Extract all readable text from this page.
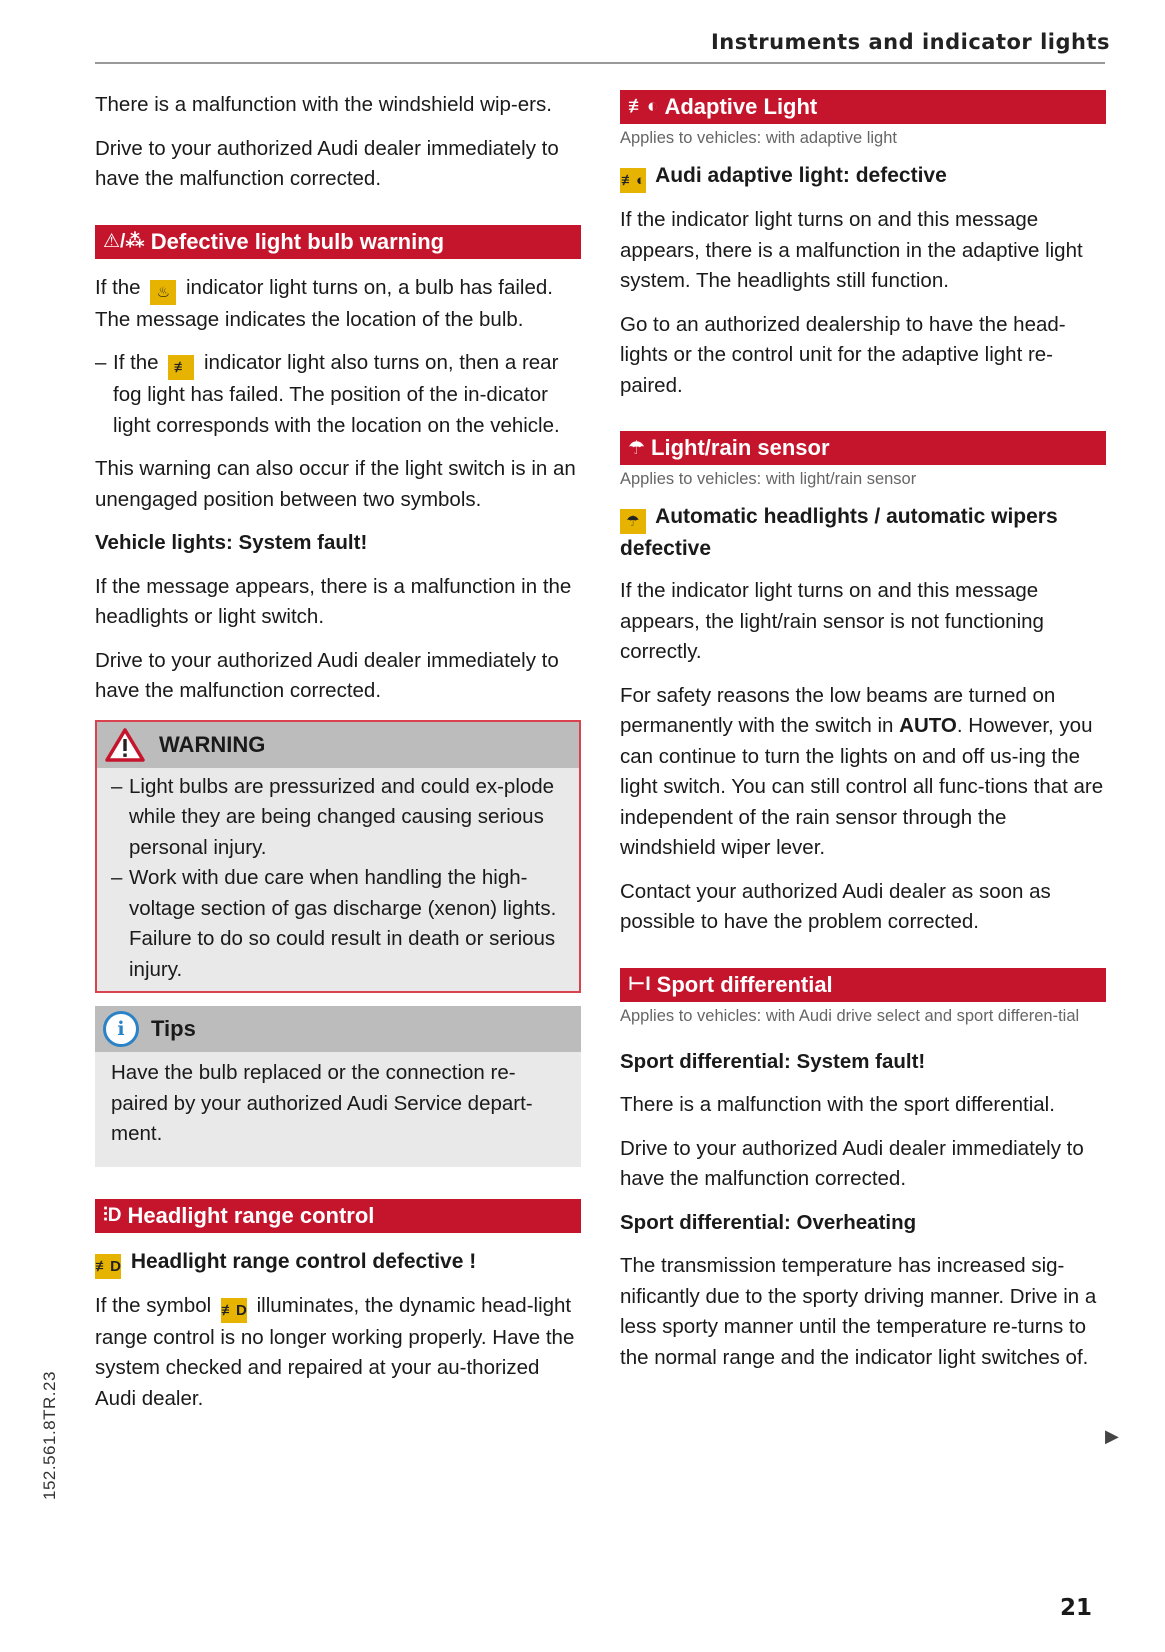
Instruments and indicator lights

There is a malfunction with the windshield wip-ers.

Drive to your authorized Audi dealer immediately to have the malfunction corrected.

⚠/⁂ Defective light bulb warning

If the ♨ indicator light turns on, a bulb has failed. The message indicates the location of the bulb.

– If the ≢ indicator light also turns on, then a rear fog light has failed. The position of the in-dicator light corresponds with the location on the vehicle.

This warning can also occur if the light switch is in an unengaged position between two symbols.

Vehicle lights: System fault!

If the message appears, there is a malfunction in the headlights or light switch.

Drive to your authorized Audi dealer immediately to have the malfunction corrected.

WARNING

– Light bulbs are pressurized and could ex-plode while they are being changed causing serious personal injury.

– Work with due care when handling the high-voltage section of gas discharge (xenon) lights. Failure to do so could result in death or serious injury.

i	Tips

Have the bulb replaced or the connection re-paired by your authorized Audi Service depart-ment.

⫶D Headlight range control

≢D Headlight range control defective !

If the symbol ≢D illuminates, the dynamic head-light range control is no longer working properly. Have the system checked and repaired at your au-thorized Audi dealer.

≢◐ Adaptive Light

Applies to vehicles: with adaptive light

≢◐ Audi adaptive light: defective

If the indicator light turns on and this message appears, there is a malfunction in the adaptive light system. The headlights still function.

Go to an authorized dealership to have the head-lights or the control unit for the adaptive light re-paired.

☂ Light/rain sensor

Applies to vehicles: with light/rain sensor

☂ Automatic headlights / automatic wipers defective

If the indicator light turns on and this message appears, the light/rain sensor is not functioning correctly.

For safety reasons the low beams are turned on permanently with the switch in AUTO. However, you can continue to turn the lights on and off us-ing the light switch. You can still control all func-tions that are independent of the rain sensor through the windshield wiper lever.

Contact your authorized Audi dealer as soon as possible to have the problem corrected.

⊢I Sport differential

Applies to vehicles: with Audi drive select and sport differen-tial

Sport differential: System fault!

There is a malfunction with the sport differential.

Drive to your authorized Audi dealer immediately to have the malfunction corrected.

Sport differential: Overheating

The transmission temperature has increased sig-nificantly due to the sporty driving manner. Drive in a less sporty manner until the temperature re-turns to the normal range and the indicator light switches of.

▶
152.561.8TR.23
21
